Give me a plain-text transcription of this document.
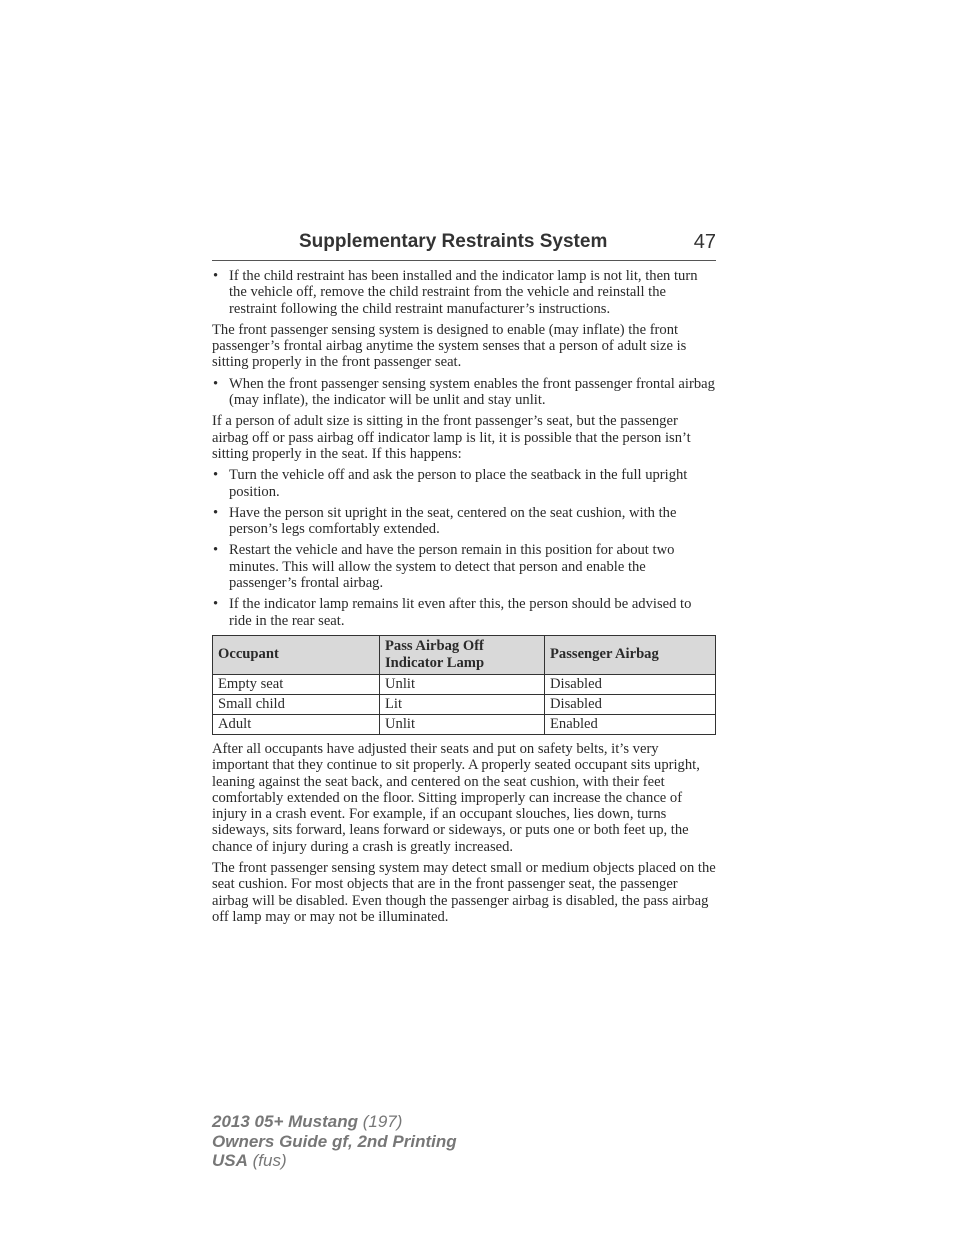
Supplementary Restraints System	47
• If the child restraint has been installed and the indicator lamp is not lit, then turn the vehicle off, remove the child restraint from the vehicle and reinstall the restraint following the child restraint manufacturer’s instructions.

The front passenger sensing system is designed to enable (may inflate) the front passenger’s frontal airbag anytime the system senses that a person of adult size is sitting properly in the front passenger seat.

• When the front passenger sensing system enables the front passenger frontal airbag (may inflate), the indicator will be unlit and stay unlit.

If a person of adult size is sitting in the front passenger’s seat, but the passenger airbag off or pass airbag off indicator lamp is lit, it is possible that the person isn’t sitting properly in the seat. If this happens:

• Turn the vehicle off and ask the person to place the seatback in the full upright position.
• Have the person sit upright in the seat, centered on the seat cushion, with the person’s legs comfortably extended.
• Restart the vehicle and have the person remain in this position for about two minutes. This will allow the system to detect that person and enable the passenger’s frontal airbag.
• If the indicator lamp remains lit even after this, the person should be advised to ride in the rear seat.
Occupant	Pass Airbag Off Indicator Lamp	Passenger Airbag
Empty seat	Unlit	Disabled
Small child	Lit	Disabled
Adult	Unlit	Enabled

After all occupants have adjusted their seats and put on safety belts, it’s very important that they continue to sit properly. A properly seated occupant sits upright, leaning against the seat back, and centered on the seat cushion, with their feet comfortably extended on the floor. Sitting improperly can increase the chance of injury in a crash event. For example, if an occupant slouches, lies down, turns sideways, sits forward, leans forward or sideways, or puts one or both feet up, the chance of injury during a crash is greatly increased.

The front passenger sensing system may detect small or medium objects placed on the seat cushion. For most objects that are in the front passenger seat, the passenger airbag will be disabled. Even though the passenger airbag is disabled, the pass airbag off lamp may or may not be illuminated.

2013 05+ Mustang (197)
Owners Guide gf, 2nd Printing
USA (fus)
